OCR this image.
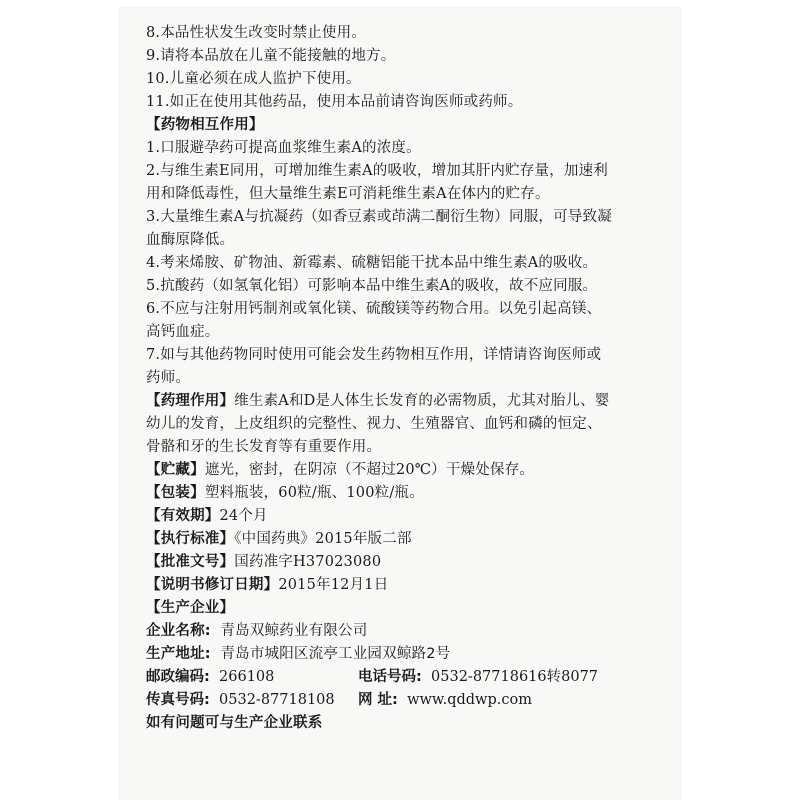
8.本品性状发生改变时禁止使用。
9.请将本品放在儿童不能接触的地方。
10.儿童必须在成人监护下使用。
11.如正在使用其他药品，使用本品前请咨询医师或药师。
【药物相互作用】
1.口服避孕药可提高血浆维生素A的浓度。
2.与维生素E同用，可增加维生素A的吸收，增加其肝内贮存量，加速利
用和降低毒性，但大量维生素E可消耗维生素A在体内的贮存。
3.大量维生素A与抗凝药（如香豆素或茚满二酮衍生物）同服，可导致凝
血酶原降低。
4.考来烯胺、矿物油、新霉素、硫糖铝能干扰本品中维生素A的吸收。
5.抗酸药（如氢氧化铝）可影响本品中维生素A的吸收，故不应同服。
6.不应与注射用钙制剂或氧化镁、硫酸镁等药物合用。以免引起高镁、
高钙血症。
7.如与其他药物同时使用可能会发生药物相互作用，详情请咨询医师或
药师。
【药理作用】维生素A和D是人体生长发育的必需物质，尤其对胎儿、婴
幼儿的发育，上皮组织的完整性、视力、生殖器官、血钙和磷的恒定、
骨骼和牙的生长发育等有重要作用。
【贮藏】遮光，密封，在阴凉（不超过20℃）干燥处保存。
【包装】塑料瓶装，60粒/瓶、100粒/瓶。
【有效期】24个月
【执行标准】《中国药典》2015年版二部
【批准文号】国药准字H37023080
【说明书修订日期】2015年12月1日
【生产企业】
企业名称: 青岛双鲸药业有限公司
生产地址: 青岛市城阳区流亭工业园双鲸路2号
邮政编码: 266108	电话号码: 0532-87718616转8077
传真号码: 0532-87718108	网 址: www.qddwp.com
如有问题可与生产企业联系
